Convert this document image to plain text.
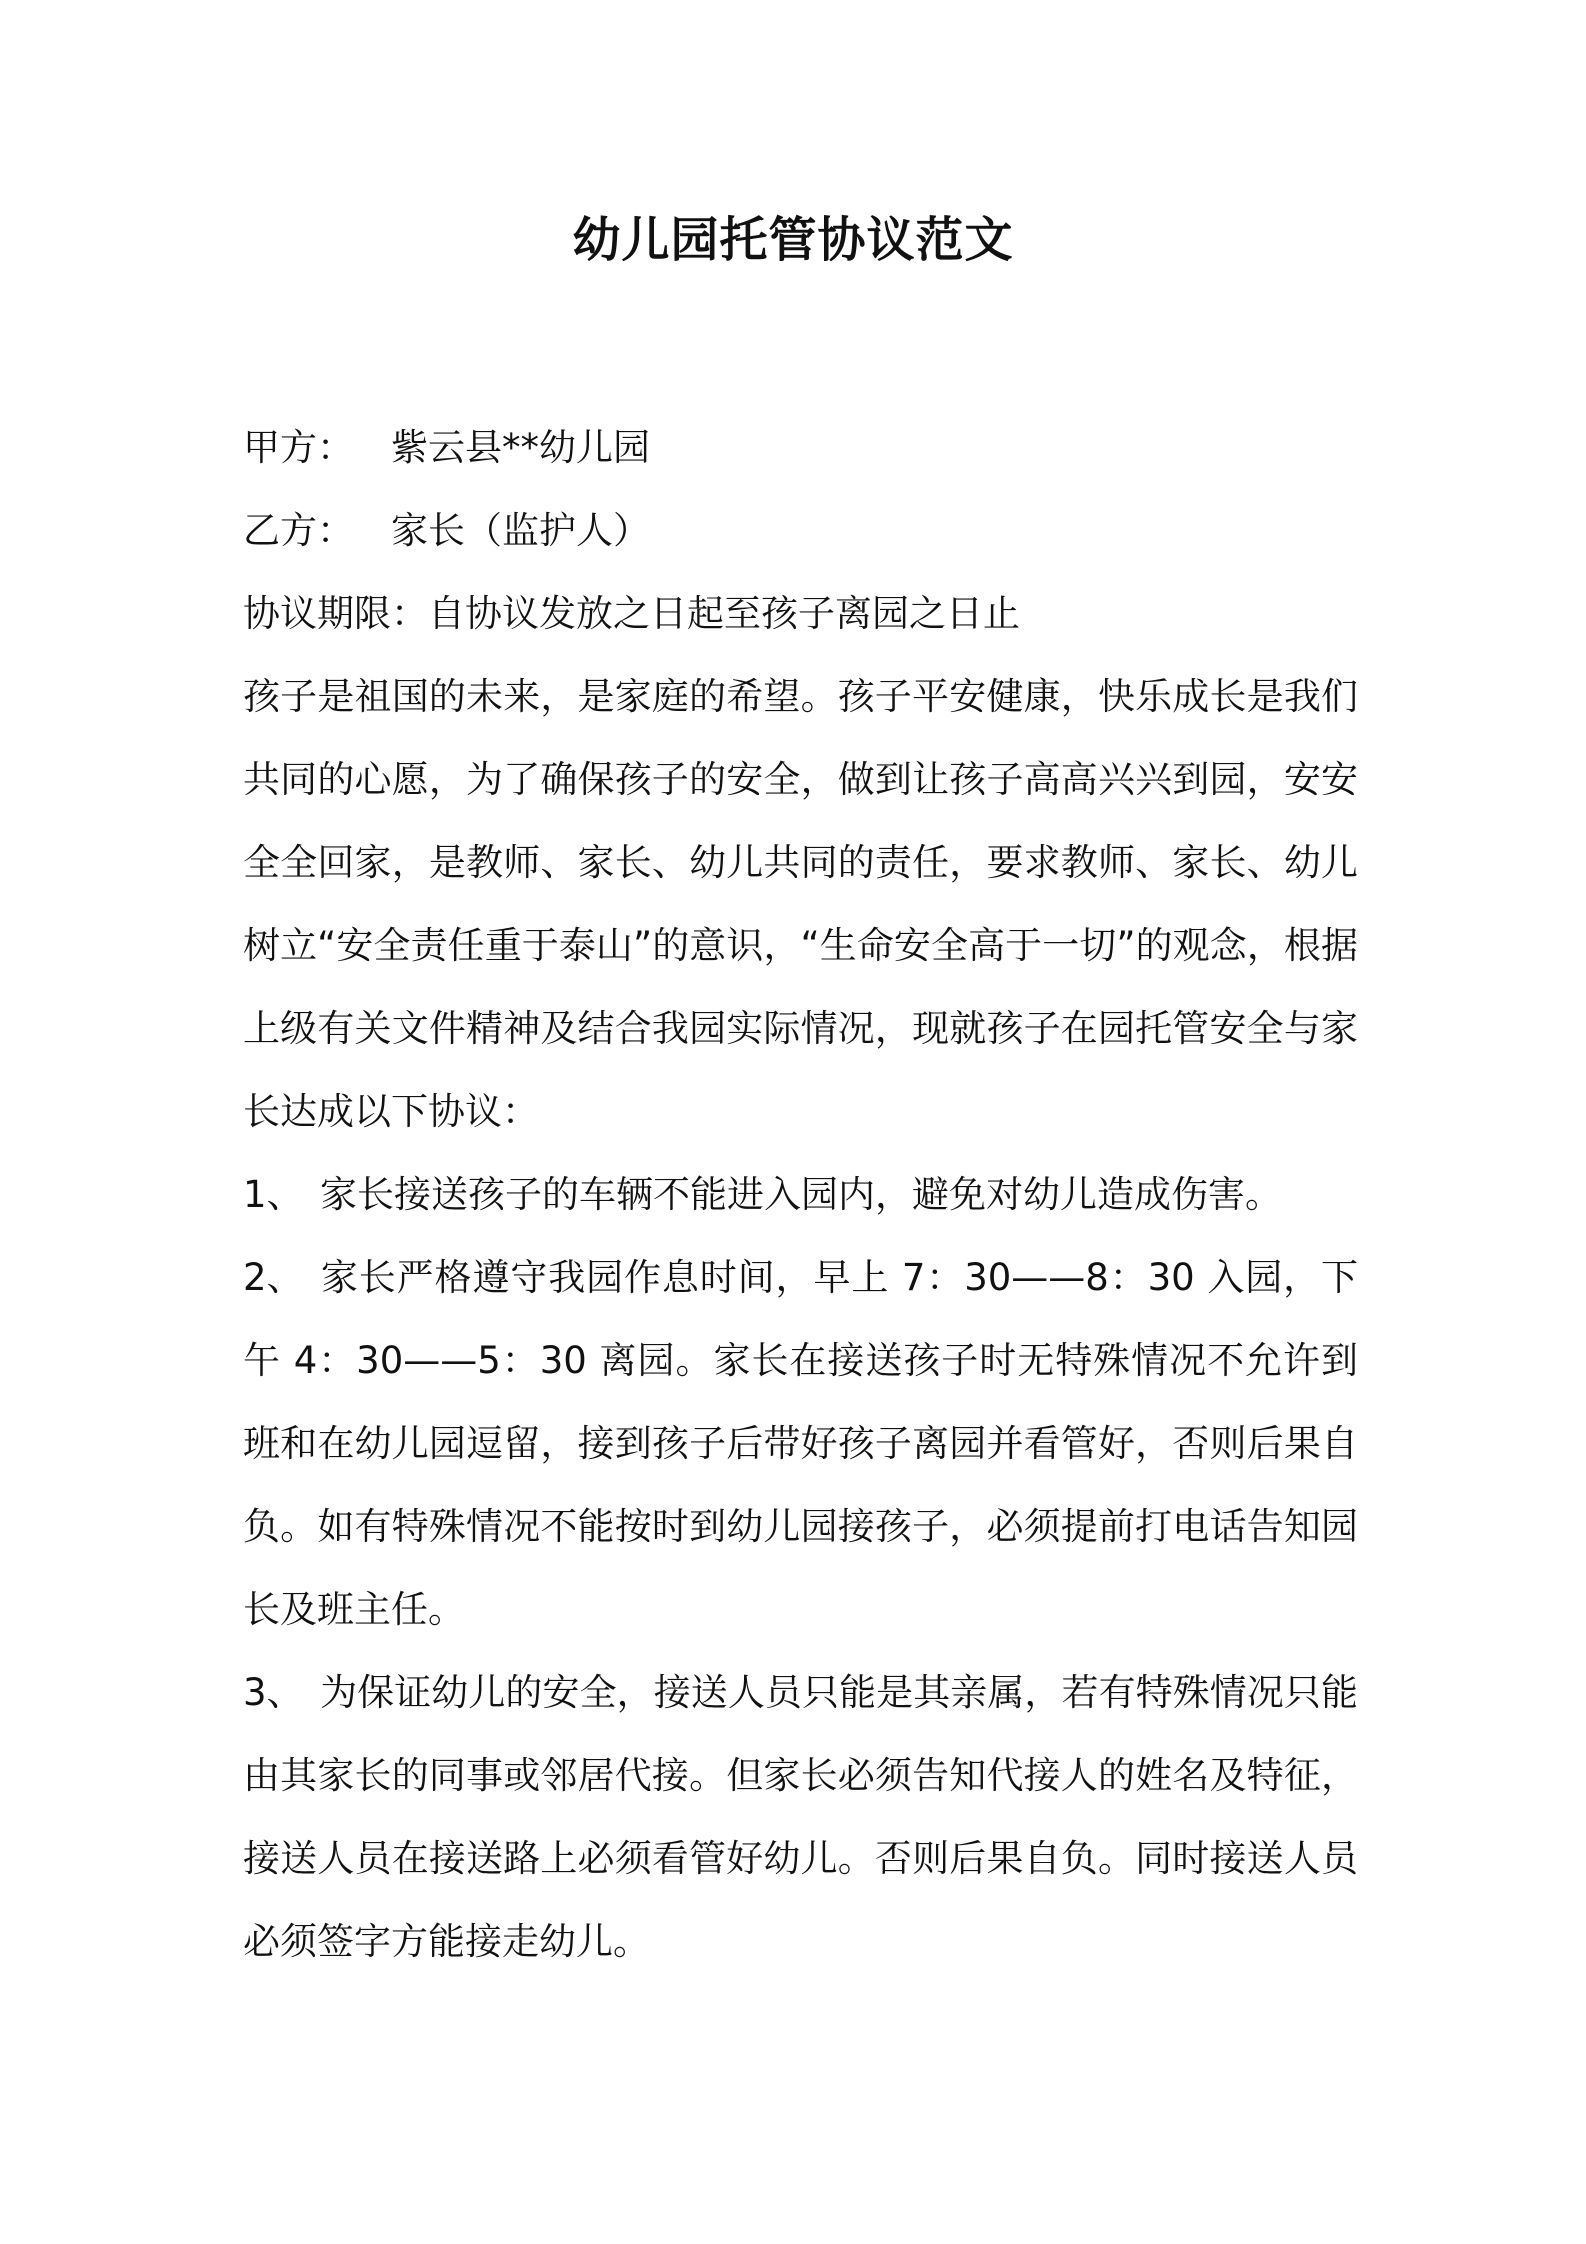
幼儿园托管协议范文
甲方：	紫云县**幼儿园
乙方：	家长（监护人）
协议期限：自协议发放之日起至孩子离园之日止

孩子是祖国的未来，是家庭的希望。孩子平安健康，快乐成长是我们共同的心愿，为了确保孩子的安全，做到让孩子高高兴兴到园，安安全全回家，是教师、家长、幼儿共同的责任，要求教师、家长、幼儿树立“安全责任重于泰山”的意识，“生命安全高于一切”的观念，根据上级有关文件精神及结合我园实际情况，现就孩子在园托管安全与家长达成以下协议：

1、 家长接送孩子的车辆不能进入园内，避免对幼儿造成伤害。

2、 家长严格遵守我园作息时间，早上 7：30——8：30 入园，下午 4：30——5：30 离园。家长在接送孩子时无特殊情况不允许到班和在幼儿园逗留，接到孩子后带好孩子离园并看管好，否则后果自负。如有特殊情况不能按时到幼儿园接孩子，必须提前打电话告知园长及班主任。

3、 为保证幼儿的安全，接送人员只能是其亲属，若有特殊情况只能由其家长的同事或邻居代接。但家长必须告知代接人的姓名及特征，接送人员在接送路上必须看管好幼儿。否则后果自负。同时接送人员必须签字方能接走幼儿。
